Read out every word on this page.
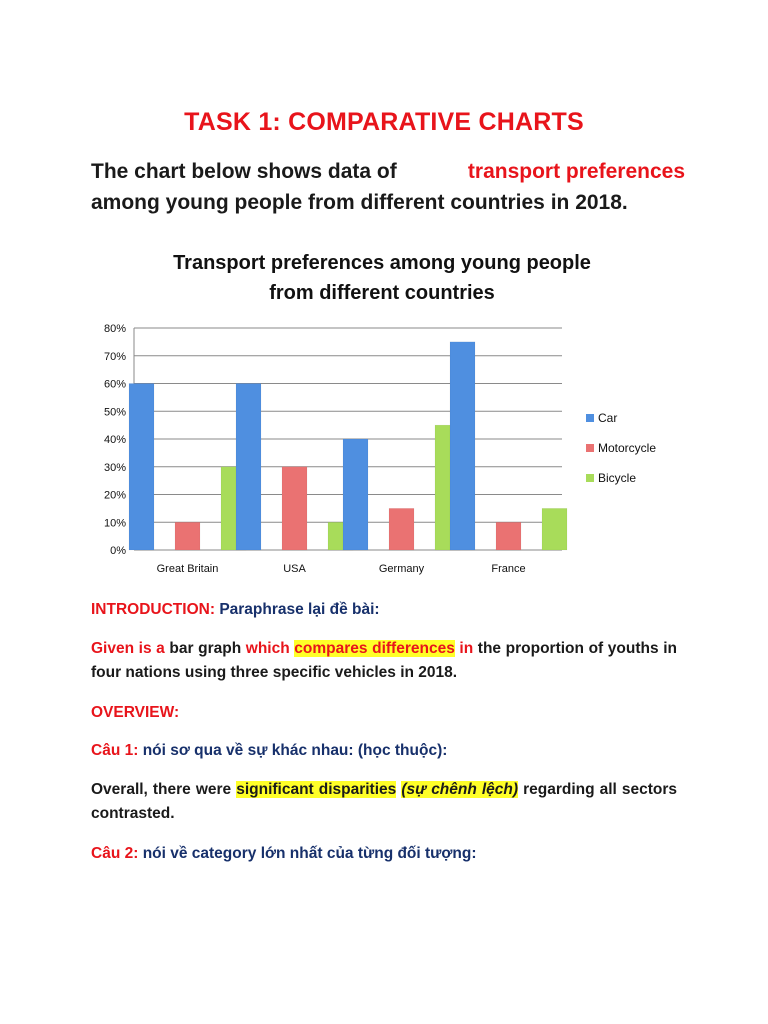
TASK 1: COMPARATIVE CHARTS
The chart below shows data of	transport preferences
among young people from different countries in 2018.
Transport preferences among young people
from different countries
0%
10%
20%
30%
40%
50%
60%
70%
80%
Great Britain	USA	Germany	France
Car
Motorcycle
Bicycle
INTRODUCTION: Paraphrase lại đề bài:
Given is a bar graph which compares differences in the proportion of youths in four nations using three specific vehicles in 2018.
OVERVIEW:
Câu 1: nói sơ qua về sự khác nhau: (học thuộc):
Overall, there were significant disparities (sự chênh lệch) regarding all sectors contrasted.
Câu 2: nói về category lớn nhất của từng đối tượng:
